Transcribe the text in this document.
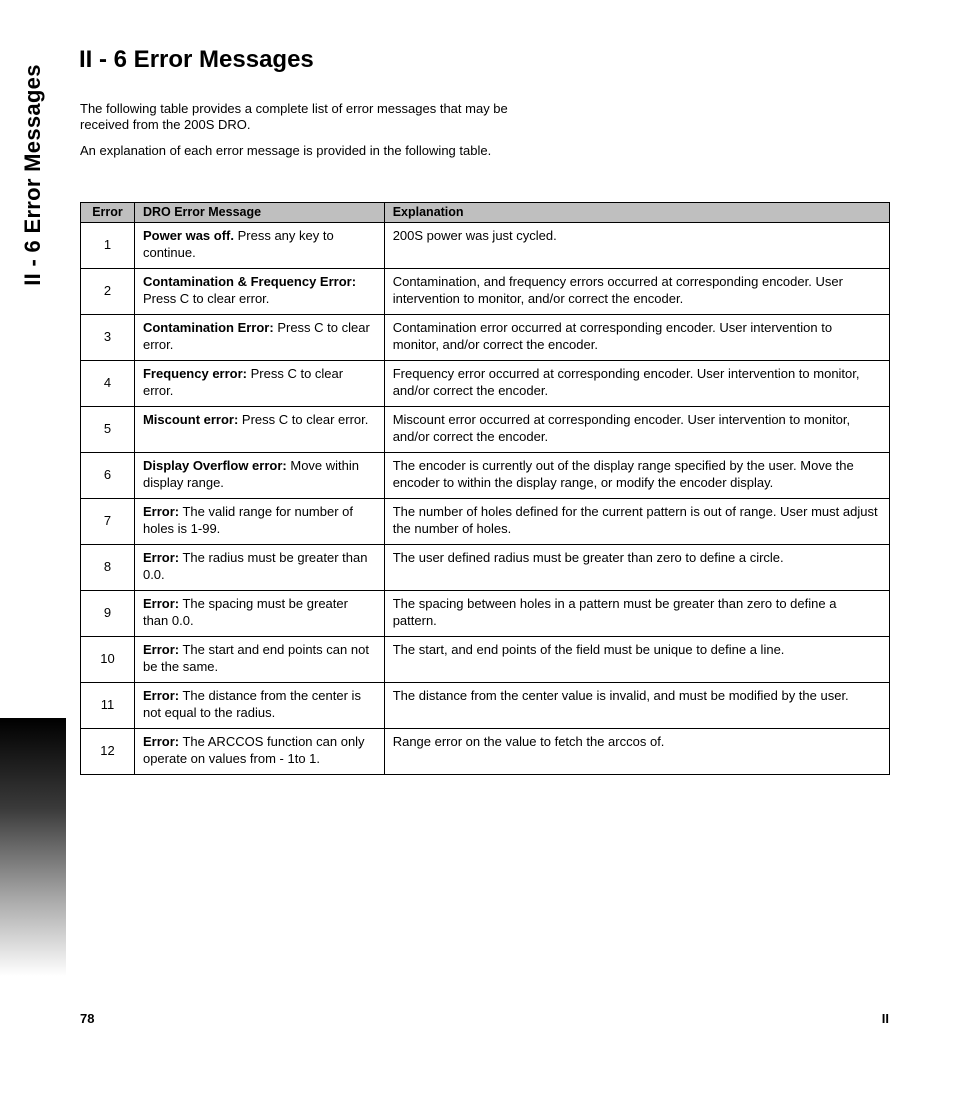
II - 6 Error Messages
II - 6 Error Messages

The following table provides a complete list of error messages that may be received from the 200S DRO.

An explanation of each error message is provided in the following table.

Error	DRO Error Message	Explanation
1	Power was off. Press any key to continue.	200S power was just cycled.
2	Contamination & Frequency Error: Press C to clear error.	Contamination, and frequency errors occurred at corresponding encoder. User intervention to monitor, and/or correct the encoder.
3	Contamination Error: Press C to clear error.	Contamination error occurred at corresponding encoder. User intervention to monitor, and/or correct the encoder.
4	Frequency error: Press C to clear error.	Frequency error occurred at corresponding encoder. User intervention to monitor, and/or correct the encoder.
5	Miscount error: Press C to clear error.	Miscount error occurred at corresponding encoder. User intervention to monitor, and/or correct the encoder.
6	Display Overflow error: Move within display range.	The encoder is currently out of the display range specified by the user. Move the encoder to within the display range, or modify the encoder display.
7	Error: The valid range for number of holes is 1-99.	The number of holes defined for the current pattern is out of range. User must adjust the number of holes.
8	Error: The radius must be greater than 0.0.	The user defined radius must be greater than zero to define a circle.
9	Error: The spacing must be greater than 0.0.	The spacing between holes in a pattern must be greater than zero to define a pattern.
10	Error: The start and end points can not be the same.	The start, and end points of the field must be unique to define a line.
11	Error: The distance from the center is not equal to the radius.	The distance from the center value is invalid, and must be modified by the user.
12	Error: The ARCCOS function can only operate on values from - 1to 1.	Range error on the value to fetch the arccos of.
78	II
